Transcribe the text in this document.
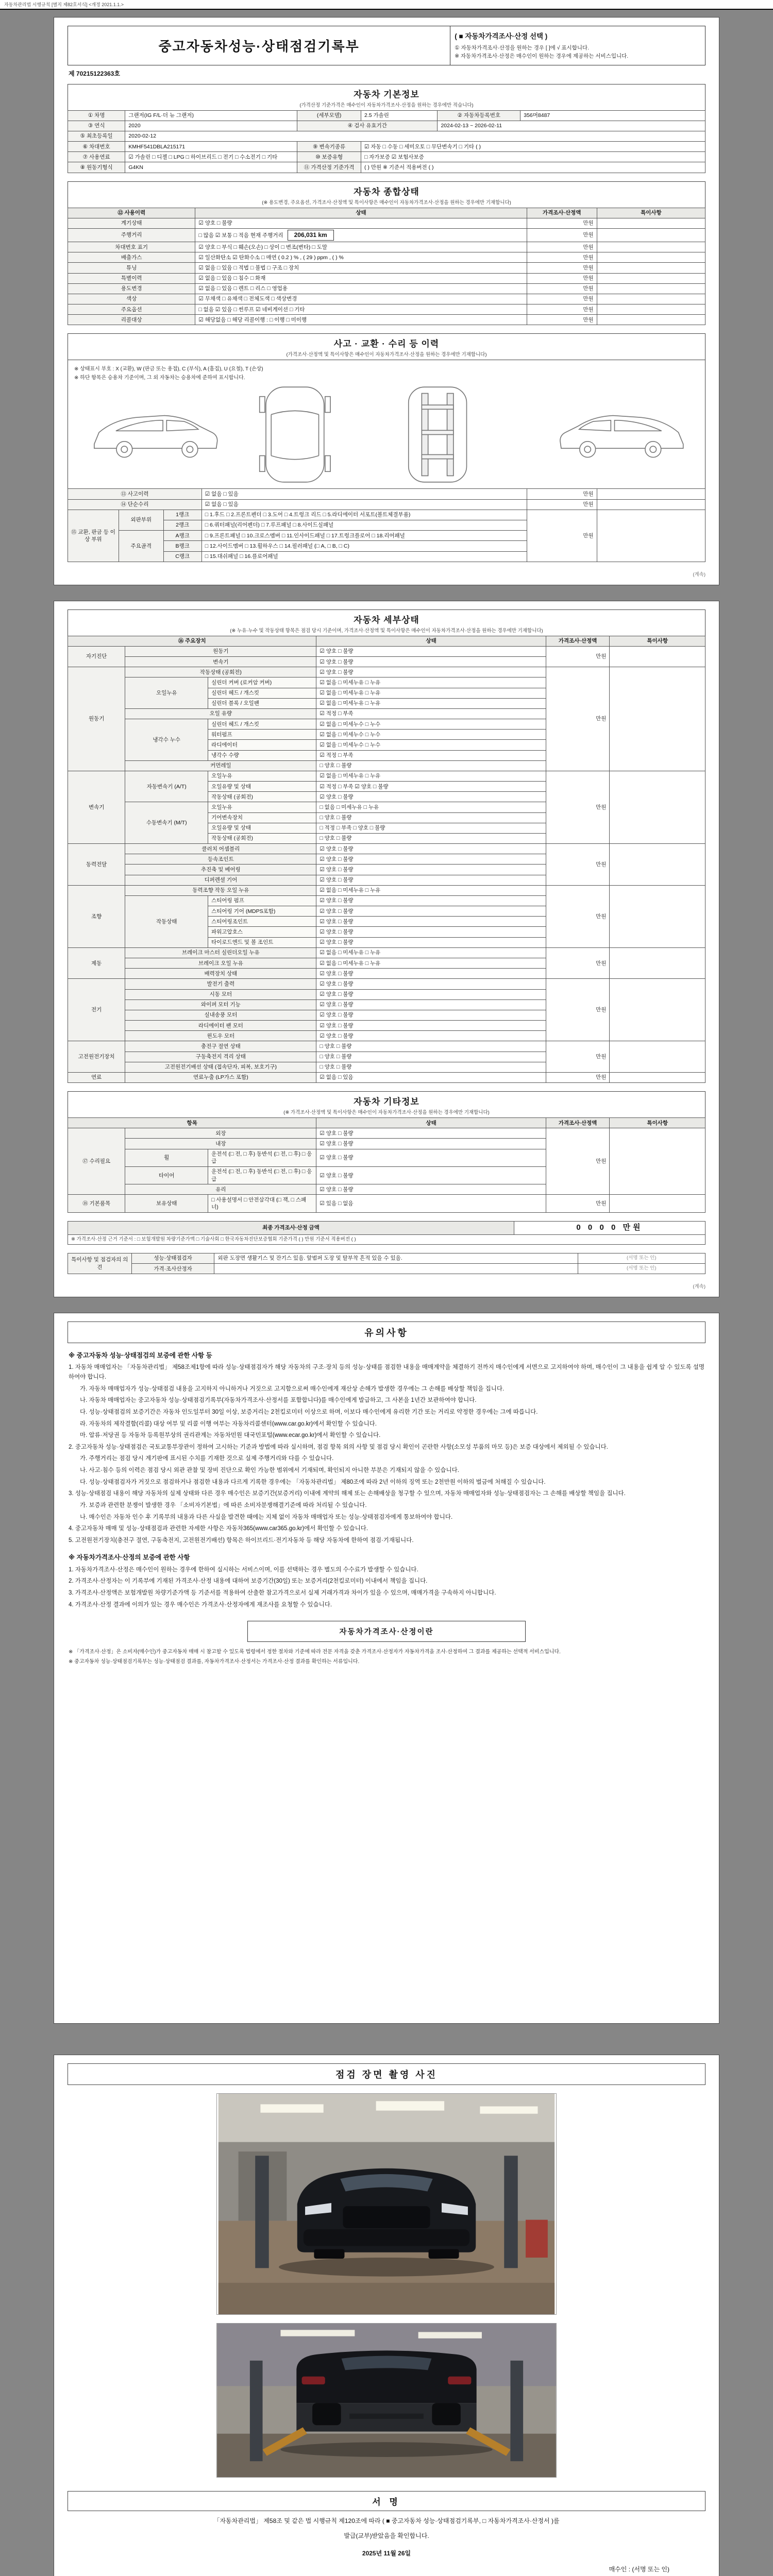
자동차관리법 시행규칙 [별지 제82호서식] <개정 2021.1.1.>
중고자동차성능·상태점검기록부	
( ■ 자동차가격조사·산정 선택 )
① 자동차가격조사·산정을 원하는 경우 [ ]에 √ 표시합니다.
※ 자동차가격조사·산정은 매수인이 원하는 경우에 제공하는 서비스입니다.
제 70215122363호
자동차 기본정보
(가격산정 기준가격은 매수인이 자동차가격조사·산정을 원하는 경우에만 적습니다)
① 차명	그랜저(IG F/L·더 뉴 그랜저)	(세부모델)	2.5 가솔린	② 자동차등록번호	356머8487
③ 연식	2020	④ 검사 유효기간		2024-02-13 ~ 2026-02-11	
⑤ 최초등록일	2020-02-12				
⑥ 차대번호	KMHF541DBLA215171	⑨ 변속기종류	☑ 자동 □ 수동 □ 세미오토 □ 무단변속기 □ 기타 ( )		
⑦ 사용연료	☑ 가솔린 □ 디젤 □ LPG □ 하이브리드 □ 전기 □ 수소전기 □ 기타	⑩ 보증유형	□ 자가보증 ☑ 보험사보증		
⑧ 원동기형식	G4KN	⑪ 가격산정 기준가격	( ) 만원 ※ 기준서 적용버전 ( )		
자동차 종합상태
(※ 용도변경, 주요옵션, 가격조사·산정액 및 특이사항은 매수인이 자동차가격조사·산정을 원하는 경우에만 기재합니다)
⑫ 사용이력	상태	가격조사·산정액	특이사항
계기상태	☑ 양호 □ 불량	만원	
주행거리	□ 많음 ☑ 보통 □ 적음 현재 주행거리 206,031 km	만원	
차대번호 표기	☑ 양호 □ 부식 □ 훼손(오손) □ 상이 □ 변조(변타) □ 도말	만원	
배출가스	☑ 일산화탄소 ☑ 탄화수소 □ 매연 ( 0.2 ) % , ( 29 ) ppm , ( ) %	만원	
튜닝	☑ 없음 □ 있음 □ 적법 □ 불법 □ 구조 □ 장치	만원	
특별이력	☑ 없음 □ 있음 □ 침수 □ 화재	만원	
용도변경	☑ 없음 □ 있음 □ 렌트 □ 리스 □ 영업용	만원	
색상	☑ 무채색 □ 유채색 □ 전체도색 □ 색상변경	만원	
주요옵션	□ 없음 ☑ 있음 □ 썬루프 ☑ 네비게이션 □ 기타	만원	
리콜대상	☑ 해당없음 □ 해당 리콜이행 : □ 이행 □ 미이행	만원	
사고 · 교환 · 수리 등 이력
(가격조사·산정액 및 특이사항은 매수인이 자동차가격조사·산정을 원하는 경우에만 기재합니다)
※ 상태표시 부호 : X (교환), W (판금 또는 용접), C (부식), A (흠집), U (요철), T (손상)
※ 하단 항목은 승용차 기준이며, 그 외 자동차는 승용차에 준하여 표시합니다.
⑬ 사고이력			☑ 없음 □ 있음	만원	
⑭ 단순수리			☑ 없음 □ 있음	만원	
⑮ 교환, 판금 등 이상 부위	외판부위	1랭크	□ 1.후드 □ 2.프론트펜더 □ 3.도어 □ 4.트렁크 리드 □ 5.라디에이터 서포트(볼트체결부품)	만원	
		2랭크	□ 6.쿼터패널(리어펜더) □ 7.루프패널 □ 8.사이드실패널		
	주요골격	A랭크	□ 9.프론트패널 □ 10.크로스멤버 □ 11.인사이드패널 □ 17.트렁크플로어 □ 18.리어패널		
		B랭크	□ 12.사이드멤버 □ 13.휠하우스 □ 14.필러패널 (□ A, □ B, □ C)		
		C랭크	□ 15.대쉬패널 □ 16.플로어패널		
(계속)
자동차 세부상태
(※ 누유·누수 및 작동상태 항목은 점검 당시 기준이며, 가격조사·산정액 및 특이사항은 매수인이 자동차가격조사·산정을 원하는 경우에만 기재합니다)
⑯ 주요장치			상태	가격조사·산정액	특이사항
자기진단	원동기		☑ 양호 □ 불량	만원	
	변속기		☑ 양호 □ 불량		
원동기	작동상태 (공회전)		☑ 양호 □ 불량	만원	
	오일누유	실린더 커버 (로커암 커버)	☑ 없음 □ 미세누유 □ 누유		
		실린더 헤드 / 개스킷	☑ 없음 □ 미세누유 □ 누유		
		실린더 블록 / 오일팬	☑ 없음 □ 미세누유 □ 누유		
	오일 유량		☑ 적정 □ 부족		
	냉각수 누수	실린더 헤드 / 개스킷	☑ 없음 □ 미세누수 □ 누수		
		워터펌프	☑ 없음 □ 미세누수 □ 누수		
		라디에이터	☑ 없음 □ 미세누수 □ 누수		
		냉각수 수량	☑ 적정 □ 부족		
	커먼레일		□ 양호 □ 불량		
변속기	자동변속기 (A/T)	오일누유	☑ 없음 □ 미세누유 □ 누유	만원	
		오일유량 및 상태	☑ 적정 □ 부족 ☑ 양호 □ 불량		
		작동상태 (공회전)	☑ 양호 □ 불량		
	수동변속기 (M/T)	오일누유	□ 없음 □ 미세누유 □ 누유		
		기어변속장치	□ 양호 □ 불량		
		오일유량 및 상태	□ 적정 □ 부족 □ 양호 □ 불량		
		작동상태 (공회전)	□ 양호 □ 불량		
동력전달	클러치 어셈블리		☑ 양호 □ 불량	만원	
	등속조인트		☑ 양호 □ 불량		
	추진축 및 베어링		☑ 양호 □ 불량		
	디퍼렌셜 기어		☑ 양호 □ 불량		
조향	동력조향 작동 오일 누유		☑ 없음 □ 미세누유 □ 누유	만원	
	작동상태	스티어링 펌프	☑ 양호 □ 불량		
		스티어링 기어 (MDPS포함)	☑ 양호 □ 불량		
		스티어링조인트	☑ 양호 □ 불량		
		파워고압호스	☑ 양호 □ 불량		
		타이로드엔드 및 볼 조인트	☑ 양호 □ 불량		
제동	브레이크 마스터 실린더오일 누유		☑ 없음 □ 미세누유 □ 누유	만원	
	브레이크 오일 누유		☑ 없음 □ 미세누유 □ 누유		
	배력장치 상태		☑ 양호 □ 불량		
전기	발전기 출력		☑ 양호 □ 불량	만원	
	시동 모터		☑ 양호 □ 불량		
	와이퍼 모터 기능		☑ 양호 □ 불량		
	실내송풍 모터		☑ 양호 □ 불량		
	라디에이터 팬 모터		☑ 양호 □ 불량		
	윈도우 모터		☑ 양호 □ 불량		
고전원전기장치	충전구 절연 상태		□ 양호 □ 불량	만원	
	구동축전지 격리 상태		□ 양호 □ 불량		
	고전원전기배선 상태 (접속단자, 피복, 보호기구)		□ 양호 □ 불량		
연료	연료누출 (LP가스 포함)		☑ 없음 □ 있음	만원	
자동차 기타정보
(※ 가격조사·산정액 및 특이사항은 매수인이 자동차가격조사·산정을 원하는 경우에만 기재합니다)
항목			상태	가격조사·산정액	특이사항
⑰ 수리필요	외장		☑ 양호 □ 불량	만원	
	내장		☑ 양호 □ 불량		
	휠	운전석 (□ 전, □ 후) 동반석 (□ 전, □ 후) □ 응급	☑ 양호 □ 불량		
	타이어	운전석 (□ 전, □ 후) 동반석 (□ 전, □ 후) □ 응급	☑ 양호 □ 불량		
	유리		☑ 양호 □ 불량		
⑱ 기본품목	보유상태	□ 사용설명서 □ 안전삼각대 (□ 잭, □ 스패너)	☑ 있음 □ 없음	만원	
최종 가격조사·산정 금액	0 0 0 0 만원
※ 가격조사·산정 근거 기준서 : □ 보험개발원 차량기준가액 □ 기술사회 □ 한국자동차진단보증협회 기준가격 ( ) 만원 기준서 적용버전 ( )
특이사항 및 점검자의 의견	성능·상태점검자	외판 도장면 생활기스 및 잔기스 있음. 앞범퍼 도장 및 탈부착 흔적 있을 수 있음.	(서명 또는 인)
	가격·조사산정자		(서명 또는 인)
(계속)
유의사항
※ 중고자동차 성능·상태점검의 보증에 관한 사항 등
1. 자동차 매매업자는 「자동차관리법」 제58조제1항에 따라 성능·상태점검자가 해당 자동차의 구조·장치 등의 성능·상태를 점검한 내용을 매매계약을 체결하기 전까지 매수인에게 서면으로 고지하여야 하며, 매수인이 그 내용을 쉽게 알 수 있도록 설명하여야 합니다.
가. 자동차 매매업자가 성능·상태점검 내용을 고지하지 아니하거나 거짓으로 고지함으로써 매수인에게 재산상 손해가 발생한 경우에는 그 손해를 배상할 책임을 집니다.
나. 자동차 매매업자는 중고자동차 성능·상태점검기록부(자동차가격조사·산정서를 포함합니다)를 매수인에게 발급하고, 그 사본을 1년간 보관하여야 합니다.
다. 성능·상태점검의 보증기간은 자동차 인도일부터 30일 이상, 보증거리는 2천킬로미터 이상으로 하며, 이보다 매수인에게 유리한 기간 또는 거리로 약정한 경우에는 그에 따릅니다.
라. 자동차의 제작결함(리콜) 대상 여부 및 리콜 이행 여부는 자동차리콜센터(www.car.go.kr)에서 확인할 수 있습니다.
마. 압류·저당권 등 자동차 등록원부상의 권리관계는 자동차민원 대국민포털(www.ecar.go.kr)에서 확인할 수 있습니다.
2. 중고자동차 성능·상태점검은 국토교통부장관이 정하여 고시하는 기준과 방법에 따라 실시하며, 점검 항목 외의 사항 및 점검 당시 확인이 곤란한 사항(소모성 부품의 마모 등)은 보증 대상에서 제외될 수 있습니다.
가. 주행거리는 점검 당시 계기판에 표시된 수치를 기재한 것으로 실제 주행거리와 다를 수 있습니다.
나. 사고·침수 등의 이력은 점검 당시 외관 관찰 및 장비 진단으로 확인 가능한 범위에서 기재되며, 확인되지 아니한 부분은 기재되지 않을 수 있습니다.
다. 성능·상태점검자가 거짓으로 점검하거나 점검한 내용과 다르게 기록한 경우에는 「자동차관리법」 제80조에 따라 2년 이하의 징역 또는 2천만원 이하의 벌금에 처해질 수 있습니다.
3. 성능·상태점검 내용이 해당 자동차의 실제 상태와 다른 경우 매수인은 보증기간(보증거리) 이내에 계약의 해제 또는 손해배상을 청구할 수 있으며, 자동차 매매업자와 성능·상태점검자는 그 손해를 배상할 책임을 집니다.
가. 보증과 관련한 분쟁이 발생한 경우 「소비자기본법」에 따른 소비자분쟁해결기준에 따라 처리될 수 있습니다.
나. 매수인은 자동차 인수 후 기록부의 내용과 다른 사실을 발견한 때에는 지체 없이 자동차 매매업자 또는 성능·상태점검자에게 통보하여야 합니다.
4. 중고자동차 매매 및 성능·상태점검과 관련한 자세한 사항은 자동차365(www.car365.go.kr)에서 확인할 수 있습니다.
5. 고전원전기장치(충전구 절연, 구동축전지, 고전원전기배선) 항목은 하이브리드·전기자동차 등 해당 자동차에 한하여 점검·기재됩니다.
※ 자동차가격조사·산정의 보증에 관한 사항
1. 자동차가격조사·산정은 매수인이 원하는 경우에 한하여 실시하는 서비스이며, 이를 선택하는 경우 별도의 수수료가 발생할 수 있습니다.
2. 가격조사·산정자는 이 기록부에 기재된 가격조사·산정 내용에 대하여 보증기간(30일) 또는 보증거리(2천킬로미터) 이내에서 책임을 집니다.
3. 가격조사·산정액은 보험개발원 차량기준가액 등 기준서를 적용하여 산출한 참고가격으로서 실제 거래가격과 차이가 있을 수 있으며, 매매가격을 구속하지 아니합니다.
4. 가격조사·산정 결과에 이의가 있는 경우 매수인은 가격조사·산정자에게 재조사를 요청할 수 있습니다.
자동차가격조사·산정이란
※ 「가격조사·산정」은 소비자(매수인)가 중고자동차 매매 시 참고할 수 있도록 법령에서 정한 절차와 기준에 따라 전문 자격을 갖춘 가격조사·산정자가 자동차가격을 조사·산정하여 그 결과를 제공하는 선택적 서비스입니다.
※ 중고자동차 성능·상태점검기록부는 성능·상태점검 결과를, 자동차가격조사·산정서는 가격조사·산정 결과를 확인하는 서류입니다.
점검 장면 촬영 사진
서 명
「자동차관리법」 제58조 및 같은 법 시행규칙 제120조에 따라 ( ■ 중고자동차 성능·상태점검기록부, □ 자동차가격조사·산정서 )를
발급(교부)받았음을 확인합니다.
2025년 11월 26일
매수인 : (서명 또는 인)
